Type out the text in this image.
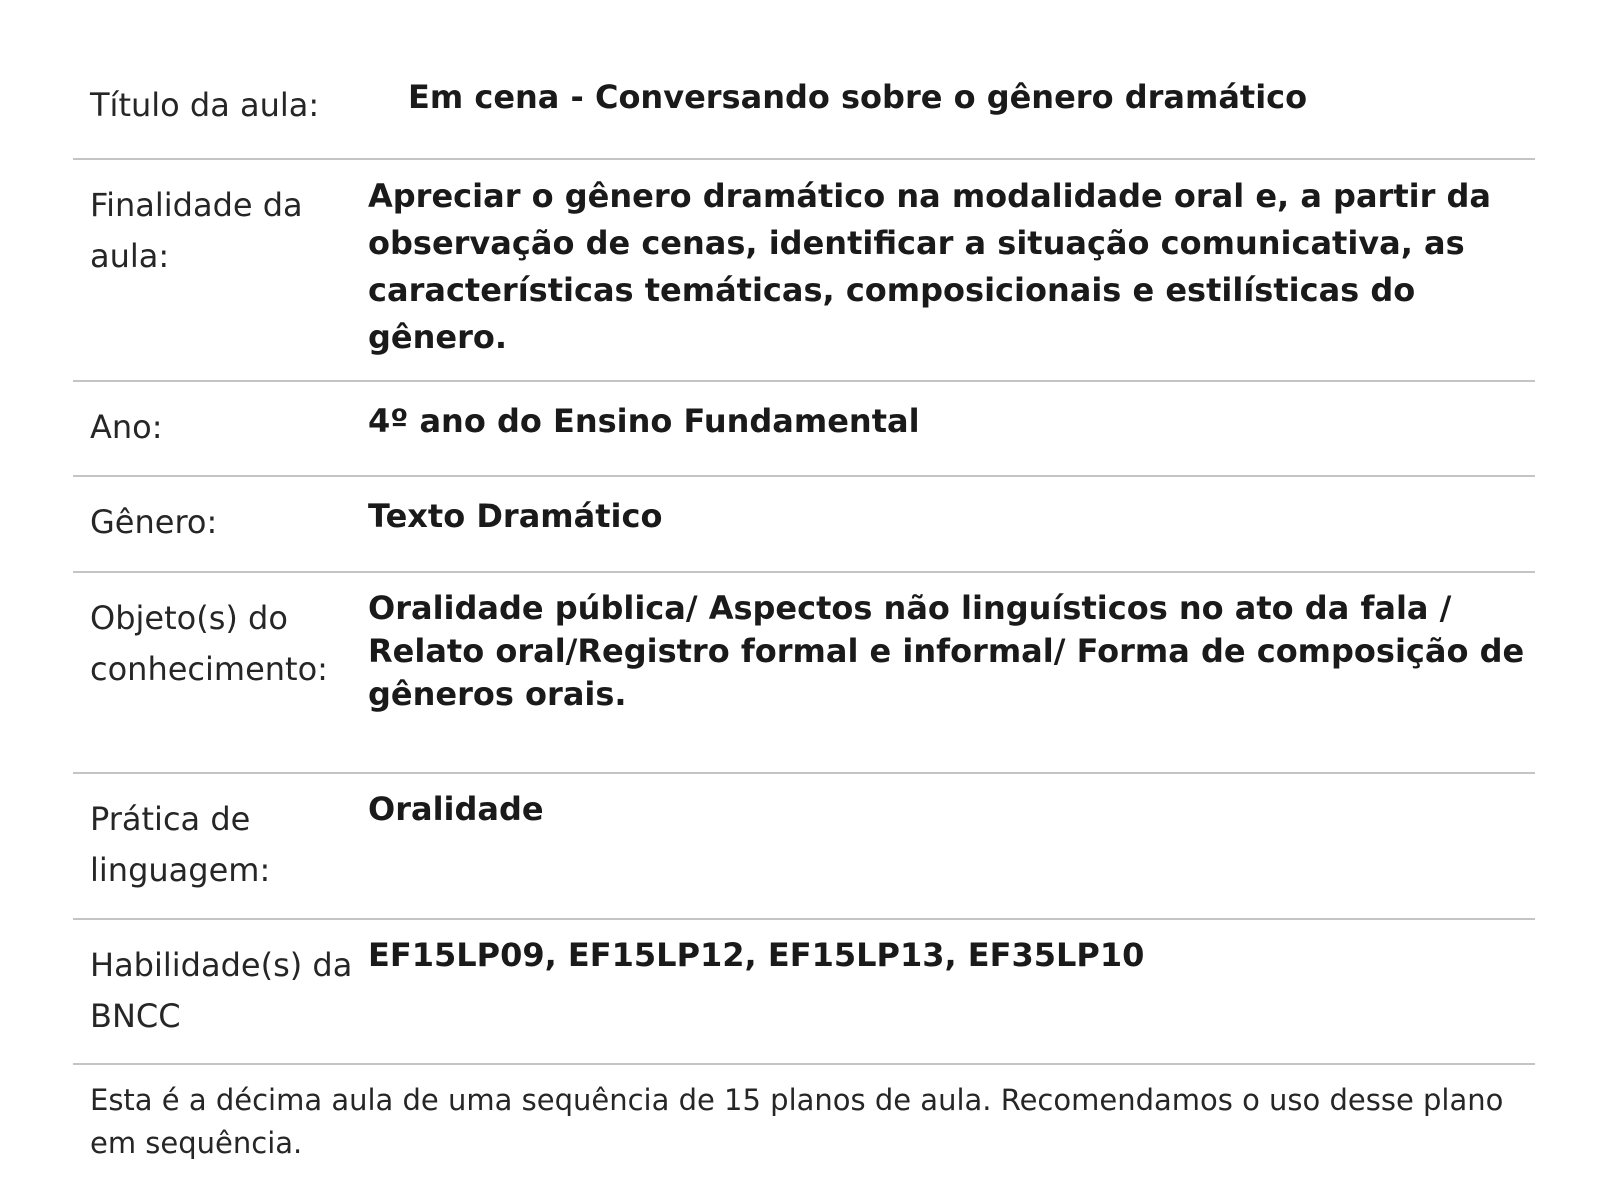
Título da aula:	Em cena - Conversando sobre o gênero dramático
Finalidade da aula:
Apreciar o gênero dramático na modalidade oral e, a partir da observação de cenas, identificar a situação comunicativa, as características temáticas, composicionais e estilísticas do gênero.
Ano:	4º ano do Ensino Fundamental
Gênero:	Texto Dramático
Objeto(s) do conhecimento:
Oralidade pública/ Aspectos não linguísticos no ato da fala / Relato oral/Registro formal e informal/ Forma de composição de gêneros orais.
Prática de linguagem:
Oralidade
Habilidade(s) da BNCC
EF15LP09, EF15LP12, EF15LP13, EF35LP10
Esta é a décima aula de uma sequência de 15 planos de aula. Recomendamos o uso desse plano em sequência.
